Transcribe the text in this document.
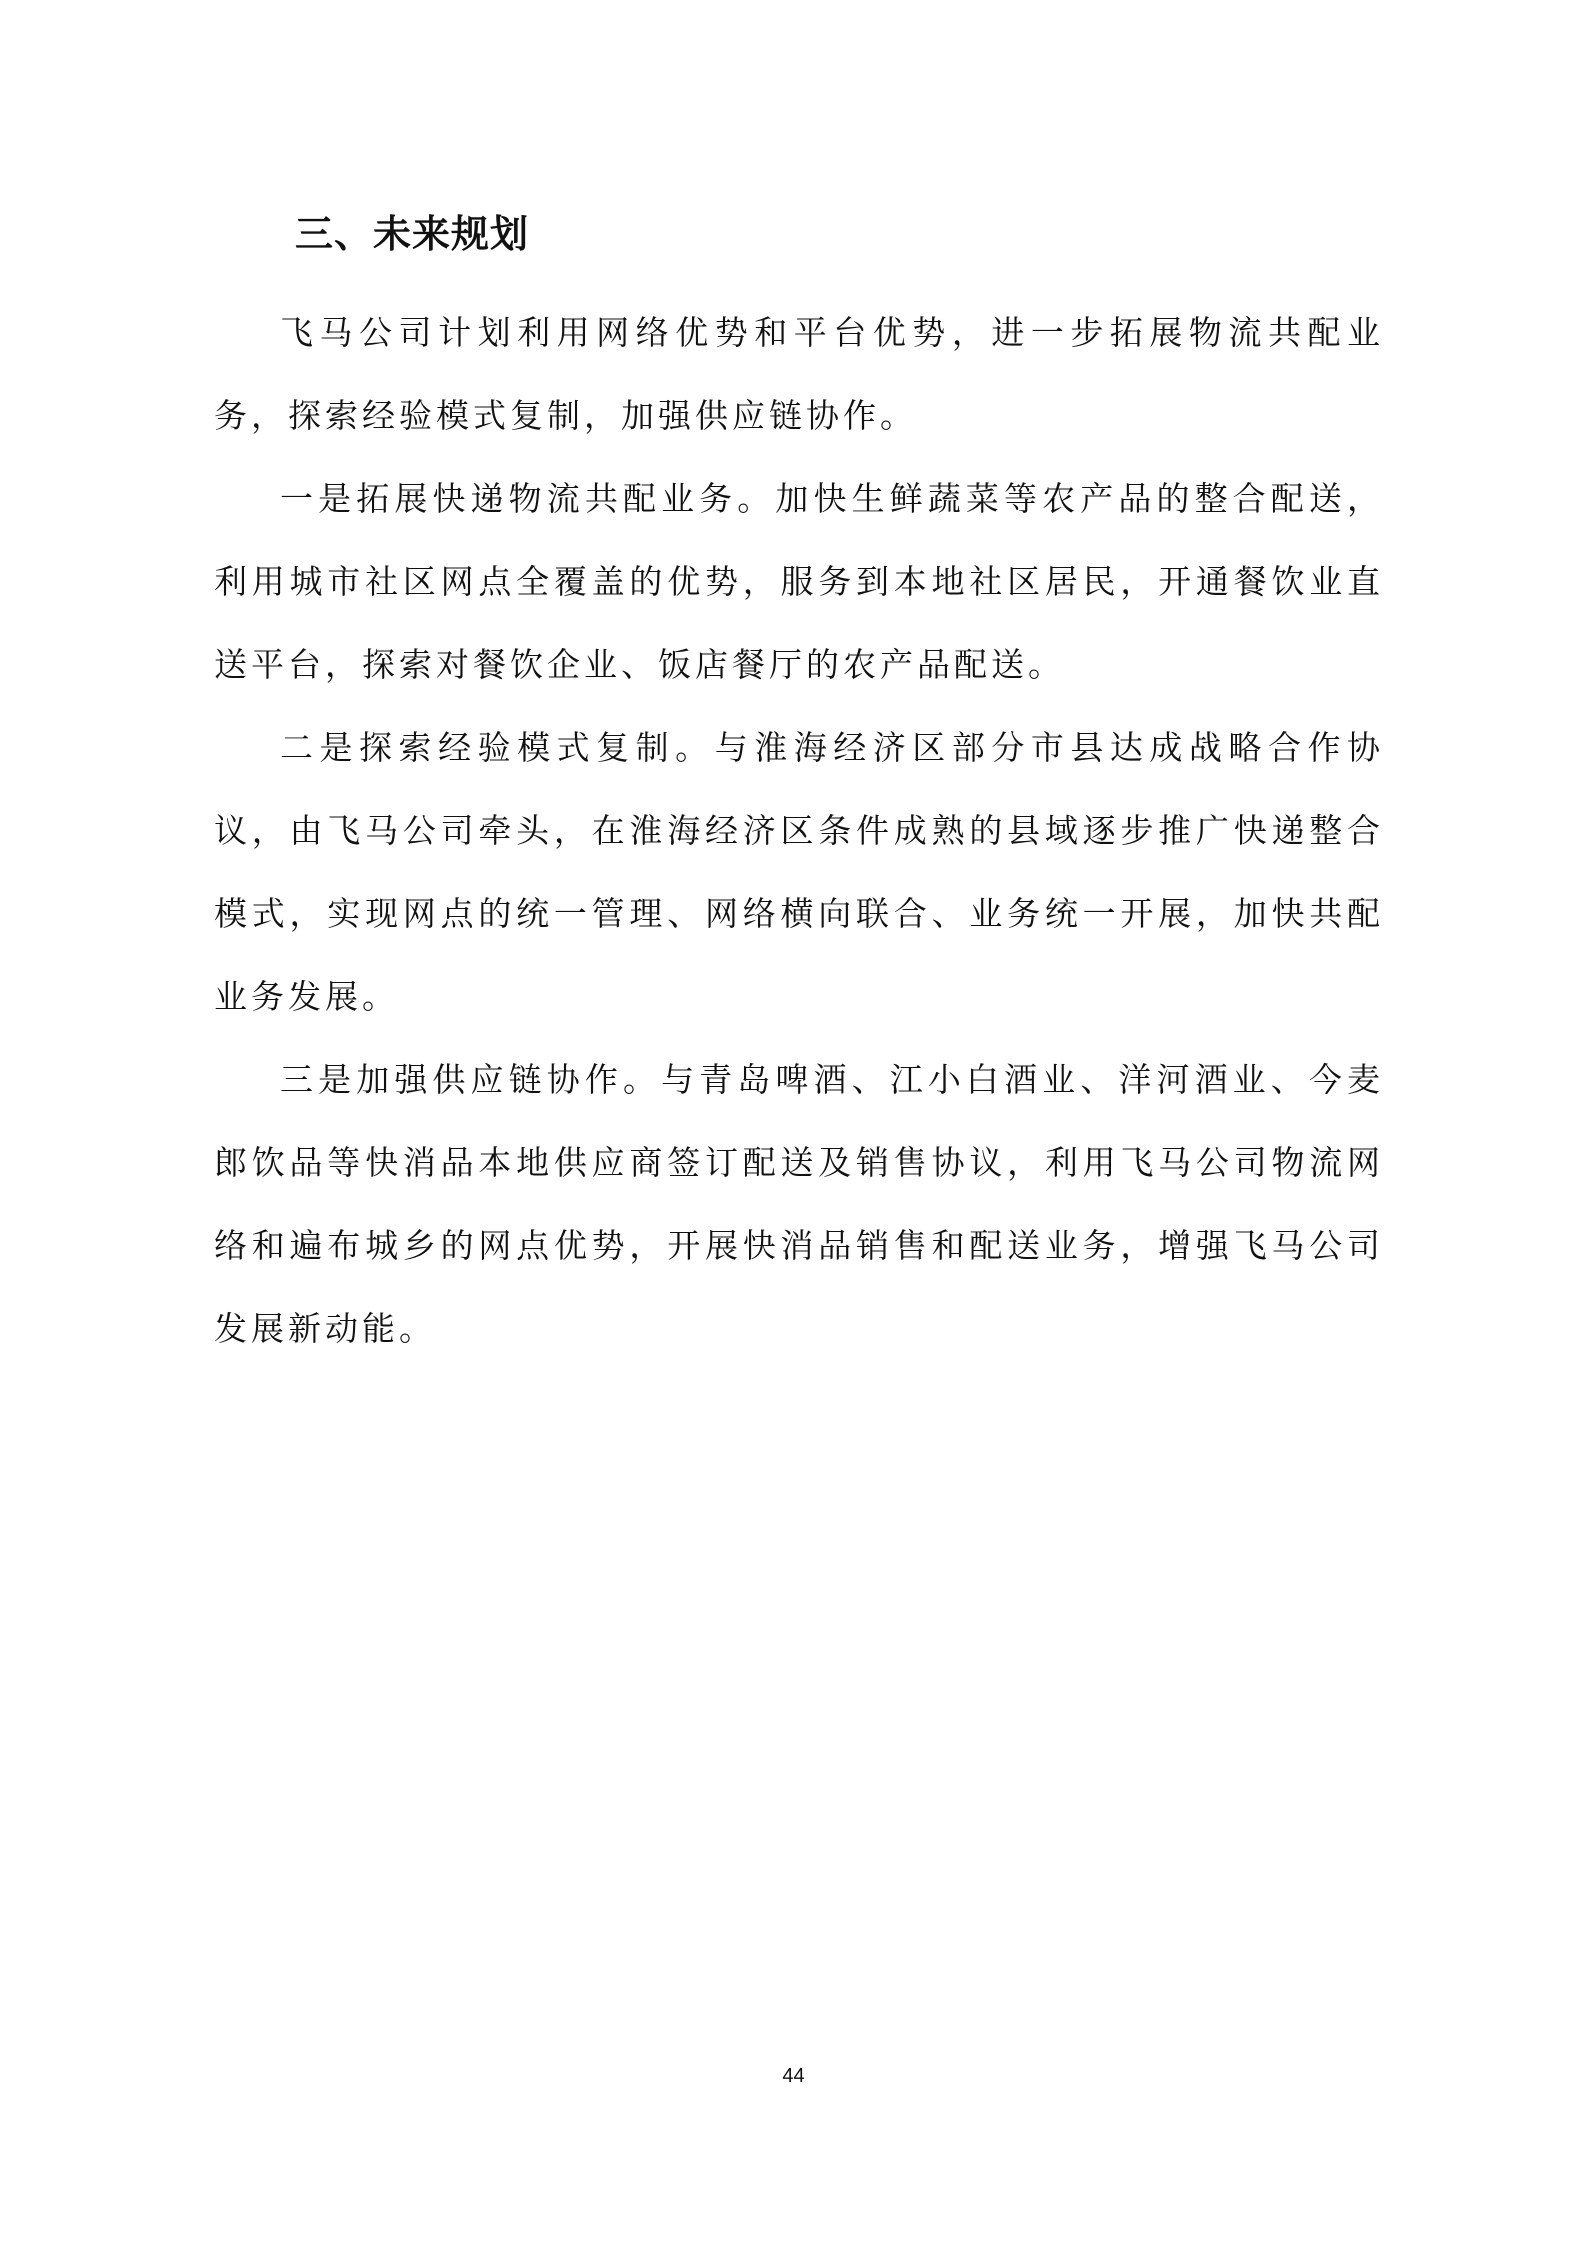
三、未来规划

飞马公司计划利用网络优势和平台优势，进一步拓展物流共配业务，探索经验模式复制，加强供应链协作。

一是拓展快递物流共配业务。加快生鲜蔬菜等农产品的整合配送，利用城市社区网点全覆盖的优势，服务到本地社区居民，开通餐饮业直送平台，探索对餐饮企业、饭店餐厅的农产品配送。

二是探索经验模式复制。与淮海经济区部分市县达成战略合作协议，由飞马公司牵头，在淮海经济区条件成熟的县域逐步推广快递整合模式，实现网点的统一管理、网络横向联合、业务统一开展，加快共配业务发展。

三是加强供应链协作。与青岛啤酒、江小白酒业、洋河酒业、今麦郎饮品等快消品本地供应商签订配送及销售协议，利用飞马公司物流网络和遍布城乡的网点优势，开展快消品销售和配送业务，增强飞马公司发展新动能。

44
